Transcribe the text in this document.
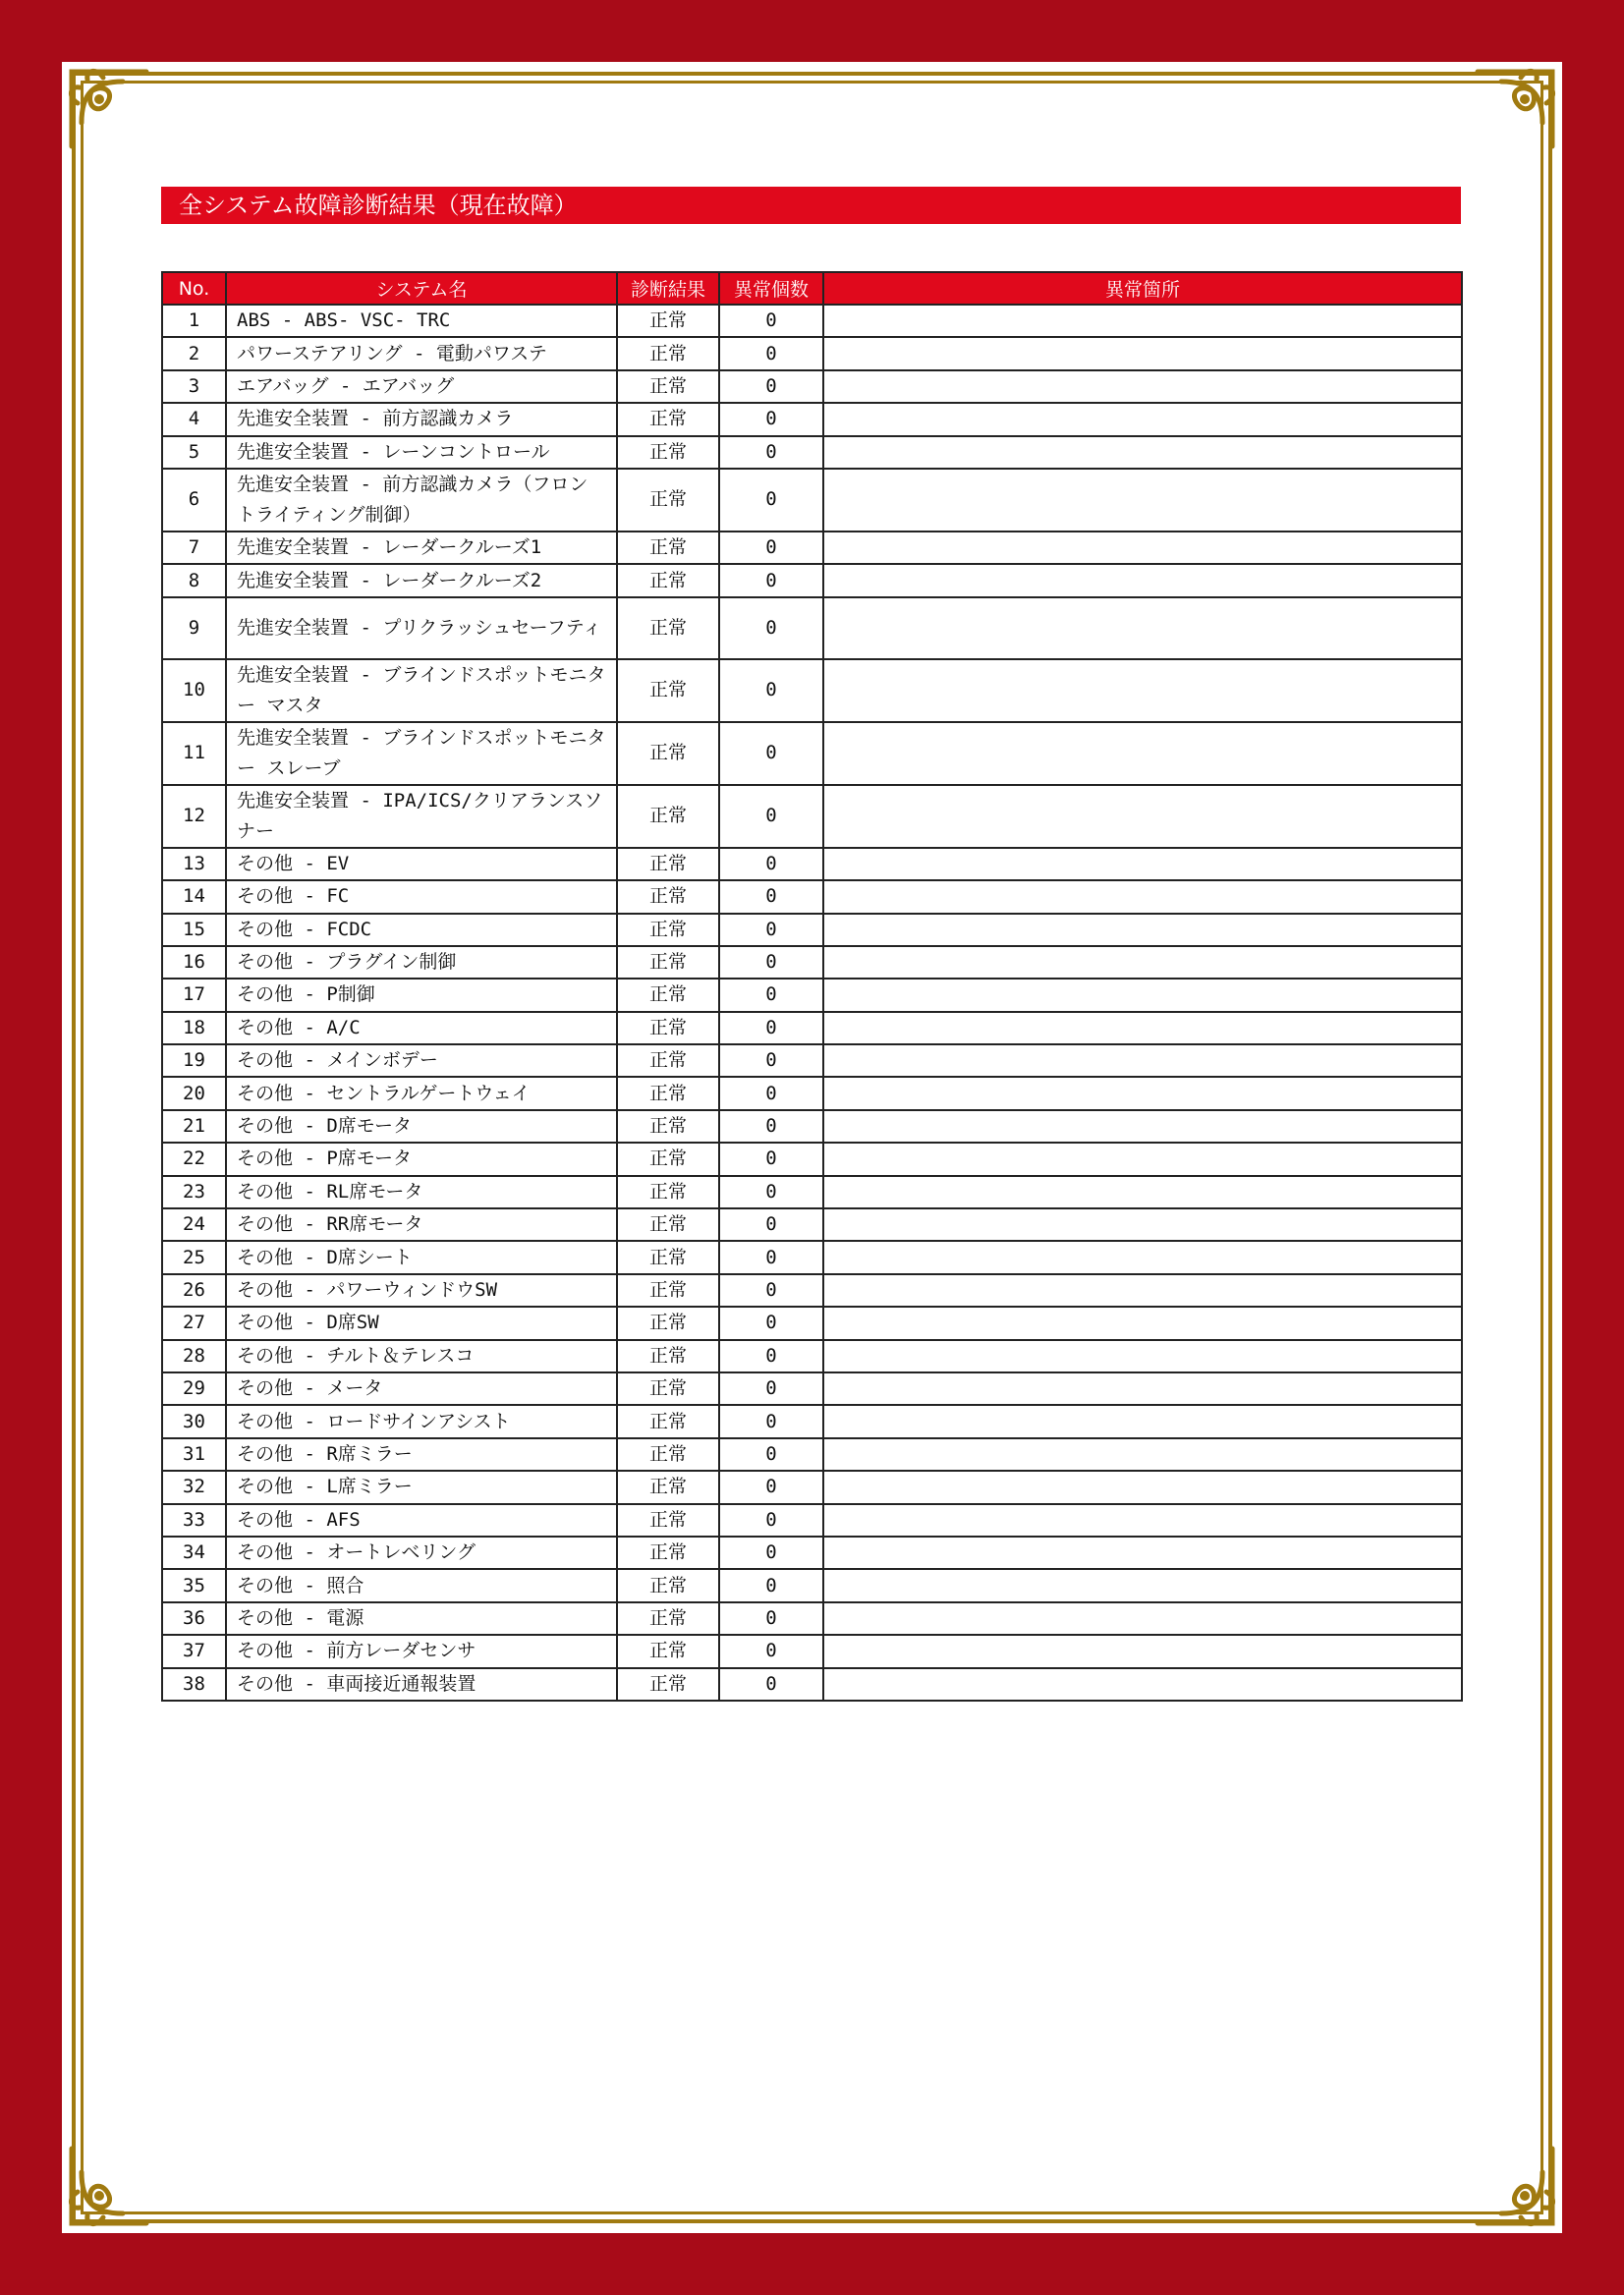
全システム故障診断結果（現在故障）
No.	システム名	診断結果	異常個数	異常箇所
1	ABS - ABS- VSC- TRC	正常	0	
2	パワーステアリング - 電動パワステ	正常	0	
3	エアバッグ - エアバッグ	正常	0	
4	先進安全装置 - 前方認識カメラ	正常	0	
5	先進安全装置 - レーンコントロール	正常	0	
6	先進安全装置 - 前方認識カメラ（フロントライティング制御）	正常	0	
7	先進安全装置 - レーダークルーズ1	正常	0	
8	先進安全装置 - レーダークルーズ2	正常	0	
9	先進安全装置 - プリクラッシュセーフティ	正常	0	
10	先進安全装置 - ブラインドスポットモニター マスタ	正常	0	
11	先進安全装置 - ブラインドスポットモニター スレーブ	正常	0	
12	先進安全装置 - IPA/ICS/クリアランスソナー	正常	0	
13	その他 - EV	正常	0	
14	その他 - FC	正常	0	
15	その他 - FCDC	正常	0	
16	その他 - プラグイン制御	正常	0	
17	その他 - P制御	正常	0	
18	その他 - A/C	正常	0	
19	その他 - メインボデー	正常	0	
20	その他 - セントラルゲートウェイ	正常	0	
21	その他 - D席モータ	正常	0	
22	その他 - P席モータ	正常	0	
23	その他 - RL席モータ	正常	0	
24	その他 - RR席モータ	正常	0	
25	その他 - D席シート	正常	0	
26	その他 - パワーウィンドウSW	正常	0	
27	その他 - D席SW	正常	0	
28	その他 - チルト＆テレスコ	正常	0	
29	その他 - メータ	正常	0	
30	その他 - ロードサインアシスト	正常	0	
31	その他 - R席ミラー	正常	0	
32	その他 - L席ミラー	正常	0	
33	その他 - AFS	正常	0	
34	その他 - オートレベリング	正常	0	
35	その他 - 照合	正常	0	
36	その他 - 電源	正常	0	
37	その他 - 前方レーダセンサ	正常	0	
38	その他 - 車両接近通報装置	正常	0	
